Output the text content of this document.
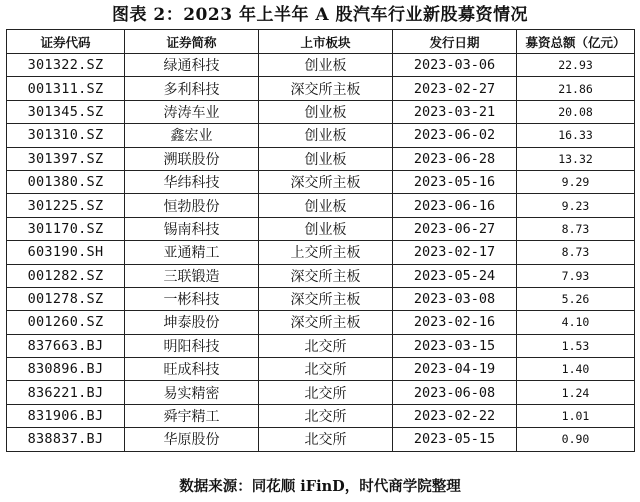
图表 2：2023 年上半年 A 股汽车行业新股募资情况
证券代码	证券简称	上市板块	发行日期	募资总额（亿元）
301322.SZ	绿通科技	创业板	2023-03-06	22.93
001311.SZ	多利科技	深交所主板	2023-02-27	21.86
301345.SZ	涛涛车业	创业板	2023-03-21	20.08
301310.SZ	鑫宏业	创业板	2023-06-02	16.33
301397.SZ	溯联股份	创业板	2023-06-28	13.32
001380.SZ	华纬科技	深交所主板	2023-05-16	9.29
301225.SZ	恒勃股份	创业板	2023-06-16	9.23
301170.SZ	锡南科技	创业板	2023-06-27	8.73
603190.SH	亚通精工	上交所主板	2023-02-17	8.73
001282.SZ	三联锻造	深交所主板	2023-05-24	7.93
001278.SZ	一彬科技	深交所主板	2023-03-08	5.26
001260.SZ	坤泰股份	深交所主板	2023-02-16	4.10
837663.BJ	明阳科技	北交所	2023-03-15	1.53
830896.BJ	旺成科技	北交所	2023-04-19	1.40
836221.BJ	易实精密	北交所	2023-06-08	1.24
831906.BJ	舜宇精工	北交所	2023-02-22	1.01
838837.BJ	华原股份	北交所	2023-05-15	0.90
数据来源：同花顺 iFinD，时代商学院整理
